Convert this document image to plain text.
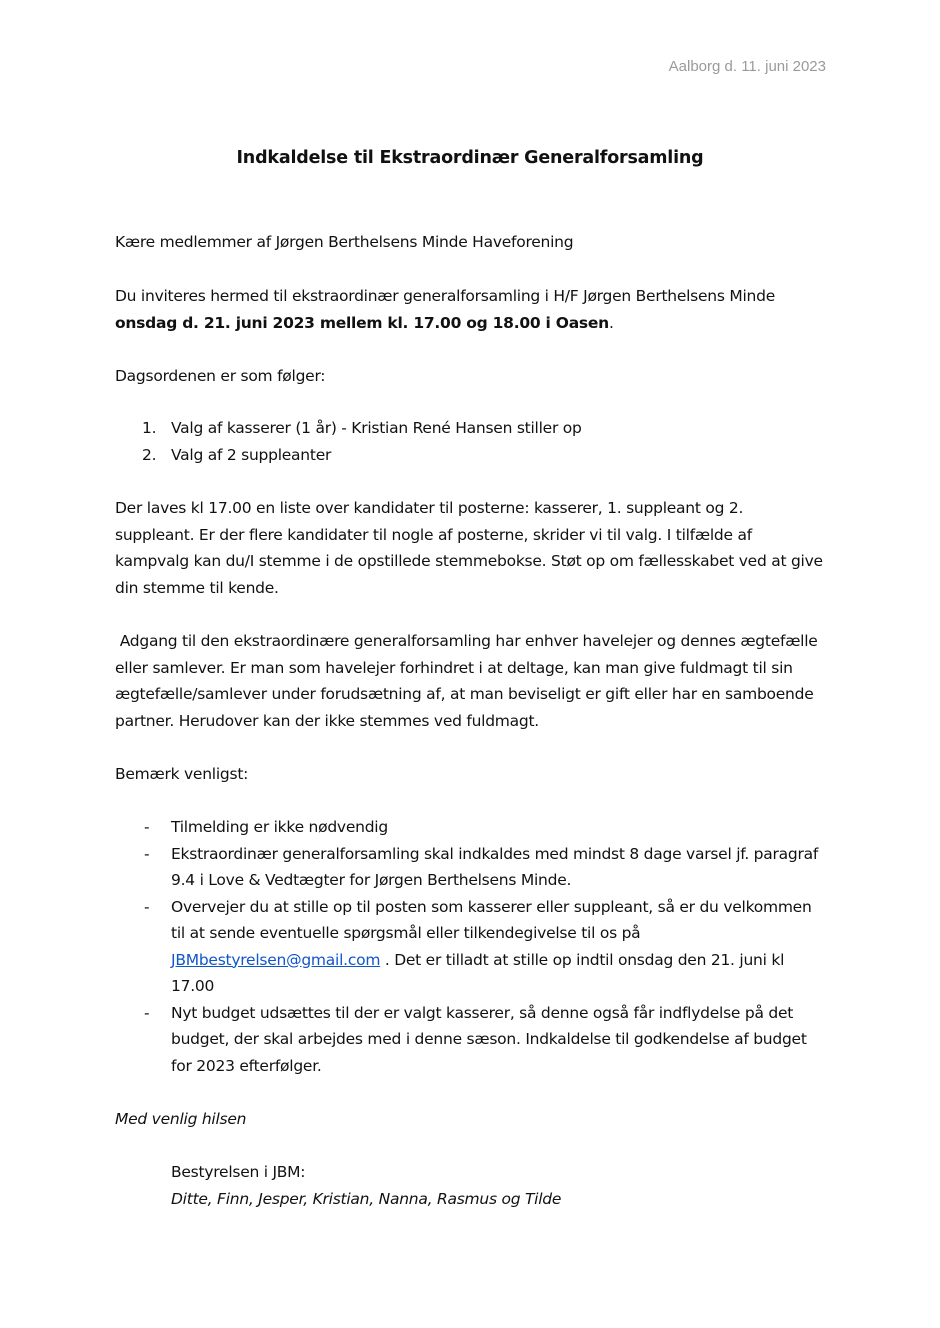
Aalborg d. 11. juni 2023
Indkaldelse til Ekstraordinær Generalforsamling

Kære medlemmer af Jørgen Berthelsens Minde Haveforening

Du inviteres hermed til ekstraordinær generalforsamling i H/F Jørgen Berthelsens Minde
onsdag d. 21. juni 2023 mellem kl. 17.00 og 18.00 i Oasen.

Dagsordenen er som følger:

1. Valg af kasserer (1 år) - Kristian René Hansen stiller op
2. Valg af 2 suppleanter

Der laves kl 17.00 en liste over kandidater til posterne: kasserer, 1. suppleant og 2. suppleant. Er der flere kandidater til nogle af posterne, skrider vi til valg. I tilfælde af kampvalg kan du/I stemme i de opstillede stemmebokse. Støt op om fællesskabet ved at give din stemme til kende.

Adgang til den ekstraordinære generalforsamling har enhver havelejer og dennes ægtefælle eller samlever. Er man som havelejer forhindret i at deltage, kan man give fuldmagt til sin ægtefælle/samlever under forudsætning af, at man beviseligt er gift eller har en samboende partner. Herudover kan der ikke stemmes ved fuldmagt.

Bemærk venligst:

- Tilmelding er ikke nødvendig
- Ekstraordinær generalforsamling skal indkaldes med mindst 8 dage varsel jf. paragraf 9.4 i Love & Vedtægter for Jørgen Berthelsens Minde.
- Overvejer du at stille op til posten som kasserer eller suppleant, så er du velkommen til at sende eventuelle spørgsmål eller tilkendegivelse til os på
JBMbestyrelsen@gmail.com . Det er tilladt at stille op indtil onsdag den 21. juni kl 17.00
- Nyt budget udsættes til der er valgt kasserer, så denne også får indflydelse på det budget, der skal arbejdes med i denne sæson. Indkaldelse til godkendelse af budget for 2023 efterfølger.

Med venlig hilsen

Bestyrelsen i JBM:

Ditte, Finn, Jesper, Kristian, Nanna, Rasmus og Tilde
